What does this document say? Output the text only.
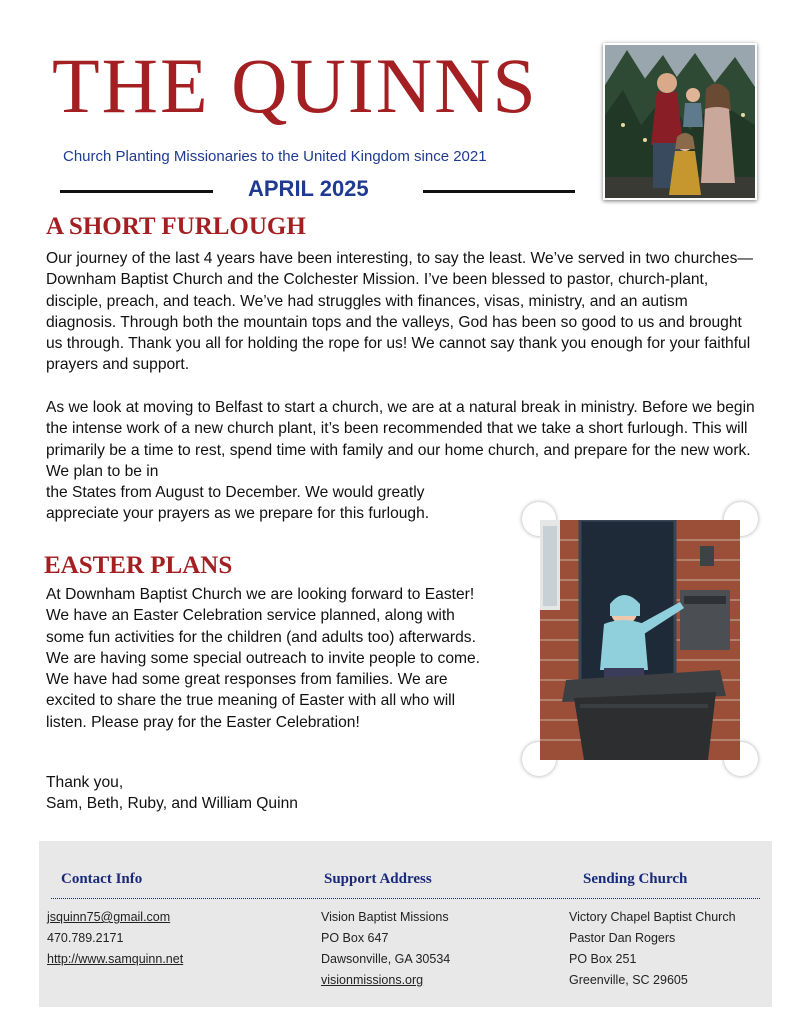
THE QUINNS
Church Planting Missionaries to the United Kingdom since 2021
APRIL 2025
A SHORT FURLOUGH

Our journey of the last 4 years have been interesting, to say the least. We’ve served in two churches—Downham Baptist Church and the Colchester Mission. I’ve been blessed to pastor, church-plant, disciple, preach, and teach. We’ve had struggles with finances, visas, ministry, and an autism diagnosis. Through both the mountain tops and the valleys, God has been so good to us and brought us through. Thank you all for holding the rope for us! We cannot say thank you enough for your faithful prayers and support.

As we look at moving to Belfast to start a church, we are at a natural break in ministry. Before we begin the intense work of a new church plant, it’s been recommended that we take a short furlough. This will primarily be a time to rest, spend time with family and our home church, and prepare for the new work. We plan to be in

the States from August to December. We would greatly appreciate your prayers as we prepare for this furlough.

EASTER PLANS

At Downham Baptist Church we are looking forward to Easter! We have an Easter Celebration service planned, along with some fun activities for the children (and adults too) afterwards. We are having some special outreach to invite people to come. We have had some great responses from families. We are excited to share the true meaning of Easter with all who will listen. Please pray for the Easter Celebration!

Thank you,

Sam, Beth, Ruby, and William Quinn

Contact Info	Support Address	Sending Church
jsquinn75@gmail.com
470.789.2171
http://www.samquinn.net
Vision Baptist Missions
PO Box 647
Dawsonville, GA 30534
visionmissions.org
Victory Chapel Baptist Church
Pastor Dan Rogers
PO Box 251
Greenville, SC 29605
